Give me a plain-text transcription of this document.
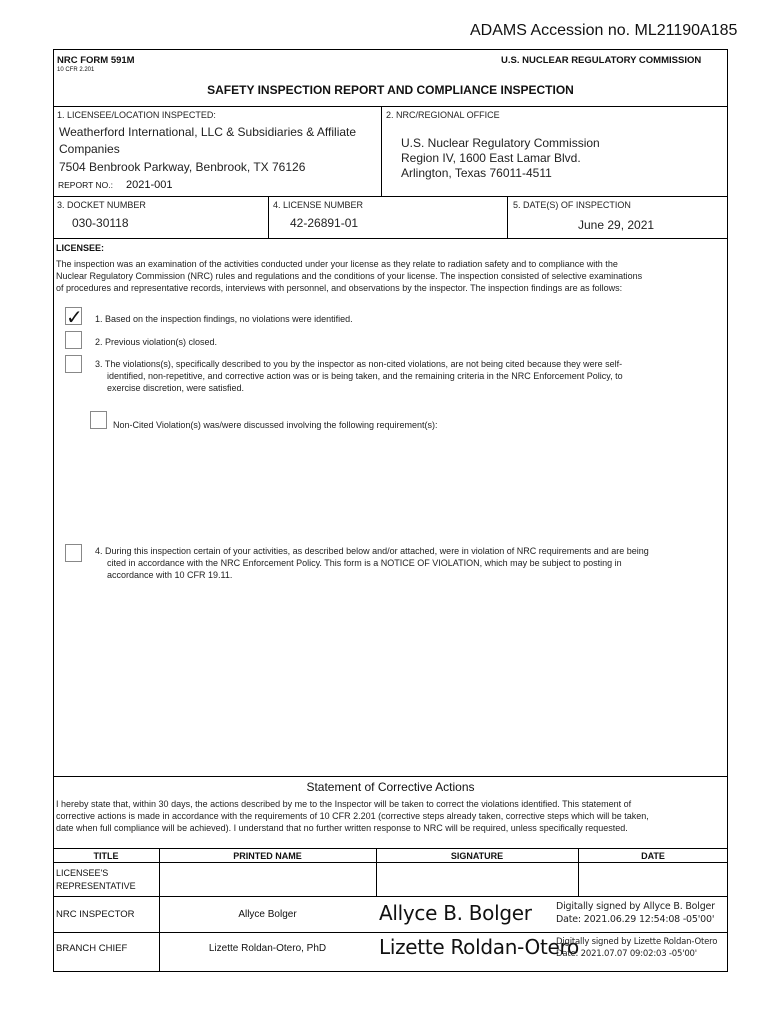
ADAMS Accession no. ML21190A185
NRC FORM 591M
10 CFR 2.201
U.S. NUCLEAR REGULATORY COMMISSION
SAFETY INSPECTION REPORT AND COMPLIANCE INSPECTION
1. LICENSEE/LOCATION INSPECTED:
Weatherford International, LLC & Subsidiaries & Affiliate
Companies
7504 Benbrook Parkway, Benbrook, TX 76126
REPORT NO.: 2021-001
2. NRC/REGIONAL OFFICE
U.S. Nuclear Regulatory Commission
Region IV, 1600 East Lamar Blvd.
Arlington, Texas 76011-4511
3. DOCKET NUMBER
030-30118
4. LICENSE NUMBER
42-26891-01
5. DATE(S) OF INSPECTION
June 29, 2021
LICENSEE:
The inspection was an examination of the activities conducted under your license as they relate to radiation safety and to compliance with the
Nuclear Regulatory Commission (NRC) rules and regulations and the conditions of your license. The inspection consisted of selective examinations
of procedures and representative records, interviews with personnel, and observations by the inspector. The inspection findings are as follows:
✓ 1. Based on the inspection findings, no violations were identified.
2. Previous violation(s) closed.
3. The violations(s), specifically described to you by the inspector as non-cited violations, are not being cited because they were self-
identified, non-repetitive, and corrective action was or is being taken, and the remaining criteria in the NRC Enforcement Policy, to
exercise discretion, were satisfied.
Non-Cited Violation(s) was/were discussed involving the following requirement(s):
4. During this inspection certain of your activities, as described below and/or attached, were in violation of NRC requirements and are being
cited in accordance with the NRC Enforcement Policy. This form is a NOTICE OF VIOLATION, which may be subject to posting in
accordance with 10 CFR 19.11.
Statement of Corrective Actions
I hereby state that, within 30 days, the actions described by me to the Inspector will be taken to correct the violations identified. This statement of
corrective actions is made in accordance with the requirements of 10 CFR 2.201 (corrective steps already taken, corrective steps which will be taken,
date when full compliance will be achieved). I understand that no further written response to NRC will be required, unless specifically requested.
TITLE	PRINTED NAME	SIGNATURE	DATE
LICENSEE'S
REPRESENTATIVE
NRC INSPECTOR	Allyce Bolger	Allyce B. Bolger	Digitally signed by Allyce B. Bolger
Date: 2021.06.29 12:54:08 -05'00'
BRANCH CHIEF	Lizette Roldan-Otero, PhD	Lizette Roldan-Otero
Digitally signed by Lizette Roldan-Otero
Date: 2021.07.07 09:02:03 -05'00'
